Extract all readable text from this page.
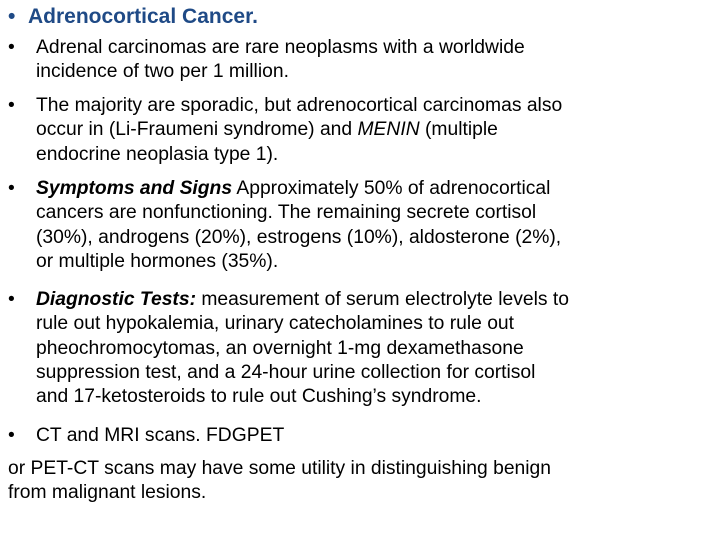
• Adrenocortical Cancer.
• Adrenal carcinomas are rare neoplasms with a worldwide
incidence of two per 1 million.
• The majority are sporadic, but adrenocortical carcinomas also
occur in (Li-Fraumeni syndrome) and MENIN (multiple
endocrine neoplasia type 1).
• Symptoms and Signs Approximately 50% of adrenocortical
cancers are nonfunctioning. The remaining secrete cortisol
(30%), androgens (20%), estrogens (10%), aldosterone (2%),
or multiple hormones (35%).
• Diagnostic Tests: measurement of serum electrolyte levels to
rule out hypokalemia, urinary catecholamines to rule out
pheochromocytomas, an overnight 1-mg dexamethasone
suppression test, and a 24-hour urine collection for cortisol
and 17-ketosteroids to rule out Cushing’s syndrome.
• CT and MRI scans. FDGPET
or PET-CT scans may have some utility in distinguishing benign
from malignant lesions.
